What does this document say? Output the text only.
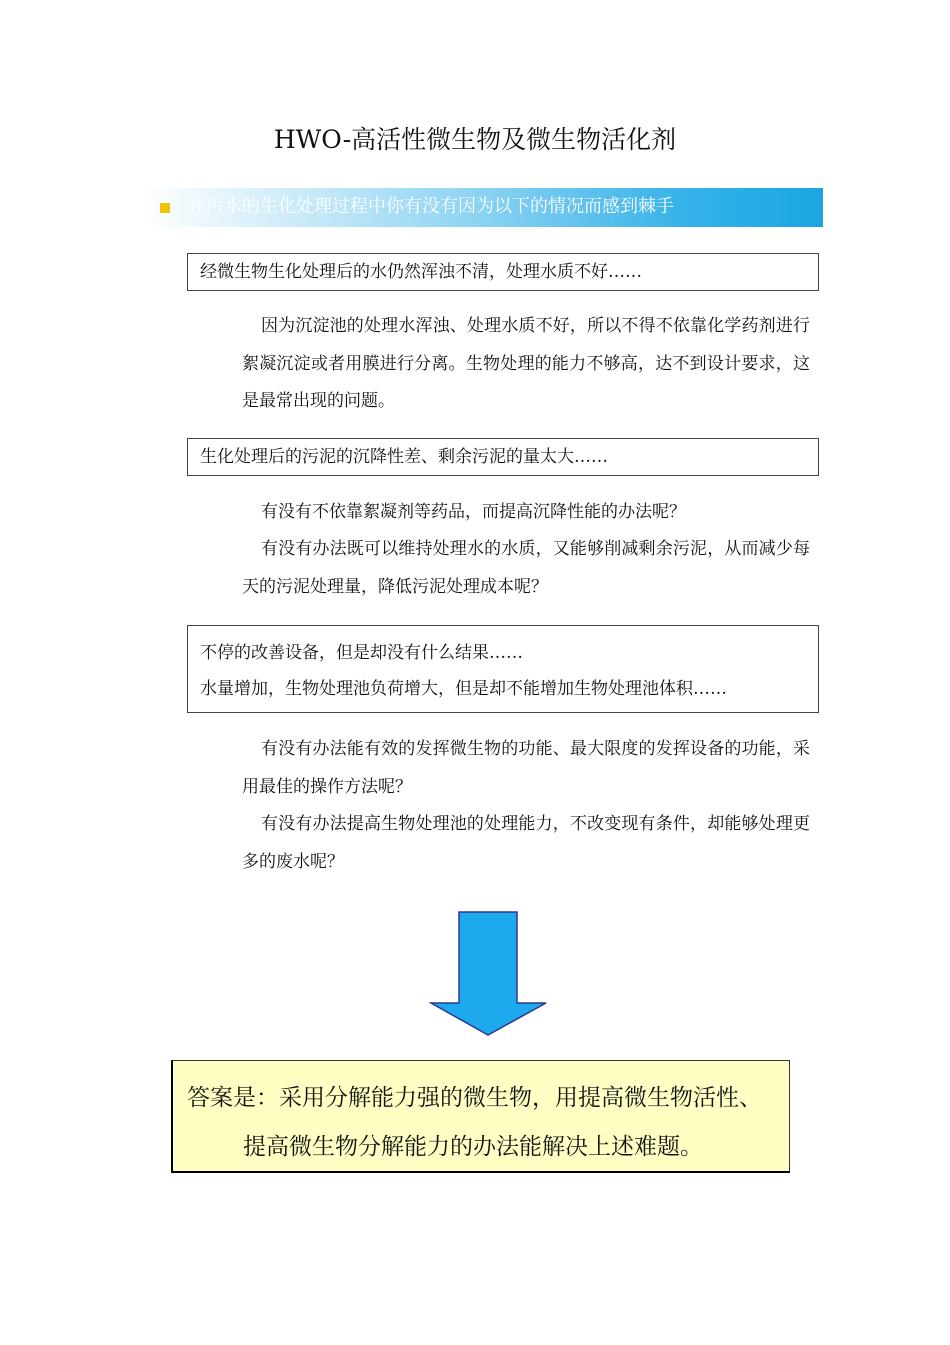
HWO-高活性微生物及微生物活化剂
在污水的生化处理过程中你有没有因为以下的情况而感到棘手
经微生物生化处理后的水仍然浑浊不清，处理水质不好……

因为沉淀池的处理水浑浊、处理水质不好，所以不得不依靠化学药剂进行絮凝沉淀或者用膜进行分离。生物处理的能力不够高，达不到设计要求，这是最常出现的问题。

生化处理后的污泥的沉降性差、剩余污泥的量太大……

有没有不依靠絮凝剂等药品，而提高沉降性能的办法呢？

有没有办法既可以维持处理水的水质，又能够削减剩余污泥，从而减少每天的污泥处理量，降低污泥处理成本呢？

不停的改善设备，但是却没有什么结果……
水量增加，生物处理池负荷增大，但是却不能增加生物处理池体积……

有没有办法能有效的发挥微生物的功能、最大限度的发挥设备的功能，采用最佳的操作方法呢？

有没有办法提高生物处理池的处理能力，不改变现有条件，却能够处理更多的废水呢？

答案是：采用分解能力强的微生物，用提高微生物活性、
提高微生物分解能力的办法能解决上述难题。
